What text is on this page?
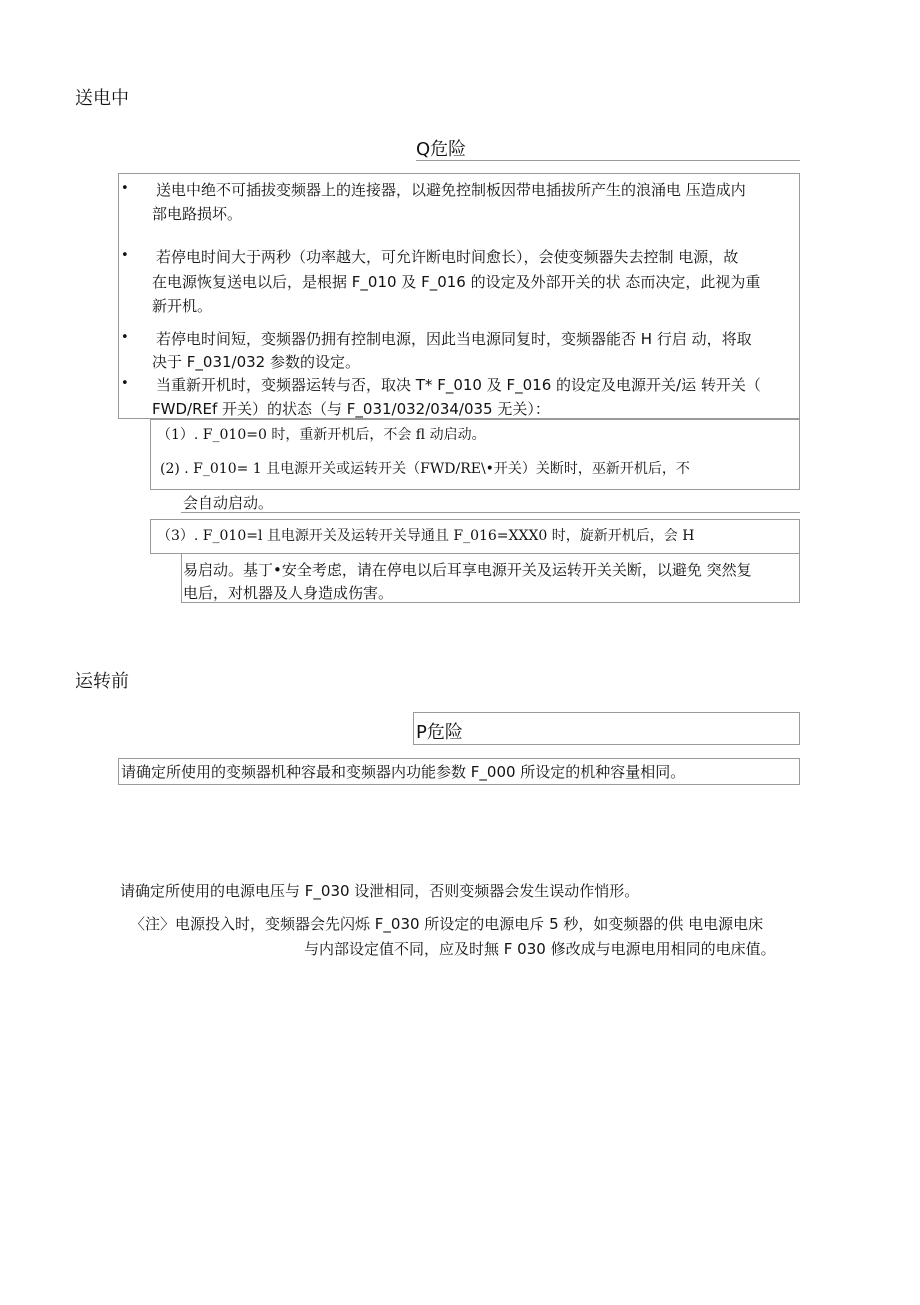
送电中
Q危险
• 送电中绝不可插拔变频器上的连接器，以避免控制板因带电插拔所产生的浪涌电 压造成内
部电路损坏。
• 若停电时间大于两秒（功率越大，可允许断电时间愈长），会使变频器失去控制 电源，故
在电源恢复送电以后，是根据 F_010 及 F_016 的设定及外部开关的状 态而决定，此视为重
新开机。
• 若停电时间短，变频器仍拥有控制电源，因此当电源同复时，变频器能否 H 行启 动，将取
决于 F_031/032 参数的设定。
• 当重新开机时，变频器运转与否，取决 T* F_010 及 F_016 的设定及电源开关/运 转开关（
FWD/REf 开关）的状态（与 F_031/032/034/035 无关）：
（1）. F_010=0 时，重新开机后，不会 fl 动启动。
(2) . F_010= 1 且电源开关或运转开关（FWD/RE\•开关）关断时，巫新开机后，不
会自动启动。
（3）. F_010=l 且电源开关及运转开关导通且 F_016=XXX0 时，旋新开机后，会 H
易启动。基丁•安全考虑，请在停电以后耳享电源开关及运转开关关断，以避免 突然复
电后，对机器及人身造成伤害。
运转前
P危险
请确定所使用的变频器机种容最和变频器内功能参数 F_000 所设定的机种容量相同。
请确定所使用的电源电压与 F_030 设泄相同，否则变频器会发生误动作悄形。
〈注〉电源投入时，变频器会先闪烁 F_030 所设定的电源电斥 5 秒，如变频器的供 电电源电床
与内部设定值不同，应及时無 F 030 修改成与电源电用相同的电床值。
